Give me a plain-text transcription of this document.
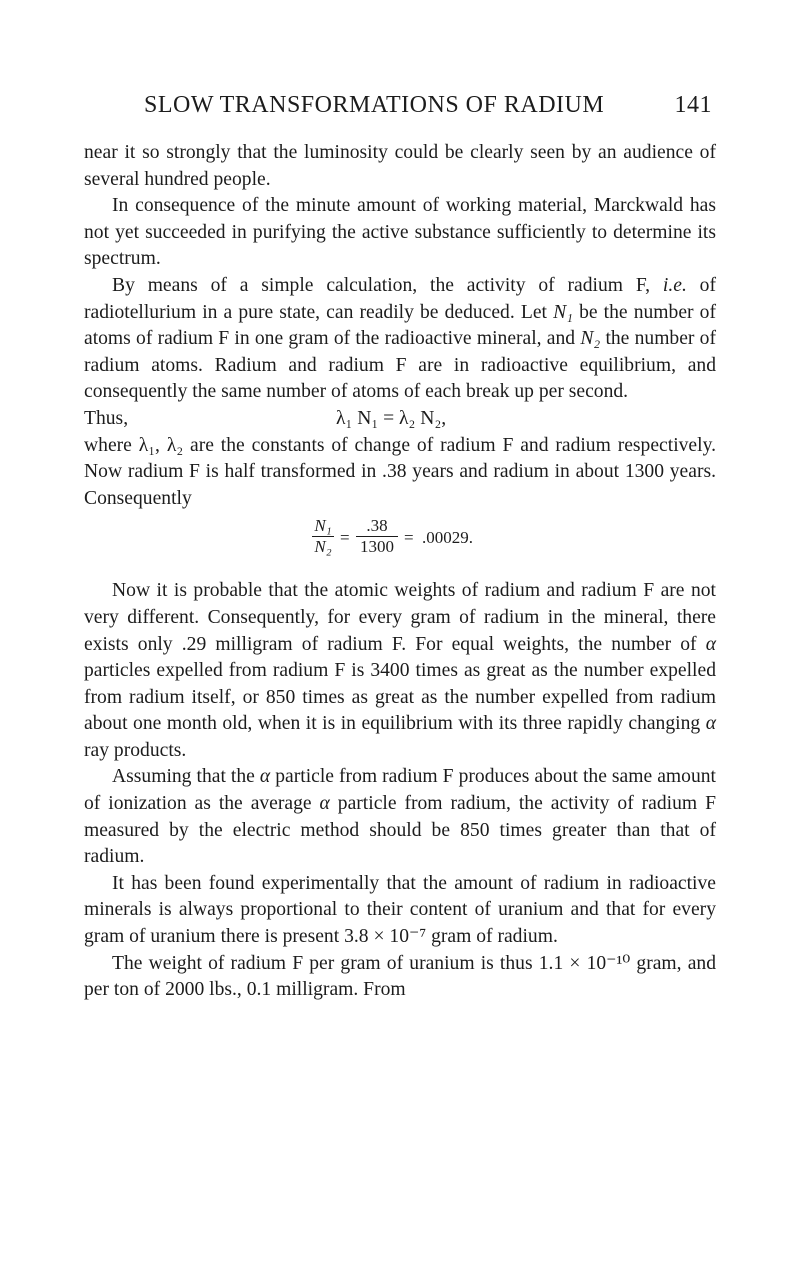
SLOW TRANSFORMATIONS OF RADIUM	141

near it so strongly that the luminosity could be clearly seen by an audience of several hundred people.

In consequence of the minute amount of working material, Marckwald has not yet succeeded in purifying the active substance sufficiently to determine its spectrum.

By means of a simple calculation, the activity of radium F, i.e. of radiotellurium in a pure state, can readily be deduced. Let N₁ be the number of atoms of radium F in one gram of the radioactive mineral, and N₂ the number of radium atoms. Radium and radium F are in radioactive equilibrium, and consequently the same number of atoms of each break up per second.

Thus,	λ₁ N₁ = λ₂ N₂,

where λ₁, λ₂ are the constants of change of radium F and radium respectively. Now radium F is half transformed in .38 years and radium in about 1300 years. Consequently

$\frac{\text{N₁}}{\text{N₂}} = \frac{.38}{1300} = .00029$.

Now it is probable that the atomic weights of radium and radium F are not very different. Consequently, for every gram of radium in the mineral, there exists only .29 milligram of radium F. For equal weights, the number of α particles expelled from radium F is 3400 times as great as the number expelled from radium itself, or 850 times as great as the number expelled from radium about one month old, when it is in equilibrium with its three rapidly changing α ray products.

Assuming that the α particle from radium F produces about the same amount of ionization as the average α particle from radium, the activity of radium F measured by the electric method should be 850 times greater than that of radium.

It has been found experimentally that the amount of radium in radioactive minerals is always proportional to their content of uranium and that for every gram of uranium there is present 3.8 × 10⁻⁷ gram of radium.

The weight of radium F per gram of uranium is thus 1.1 × 10⁻¹⁰ gram, and per ton of 2000 lbs., 0.1 milligram. From
